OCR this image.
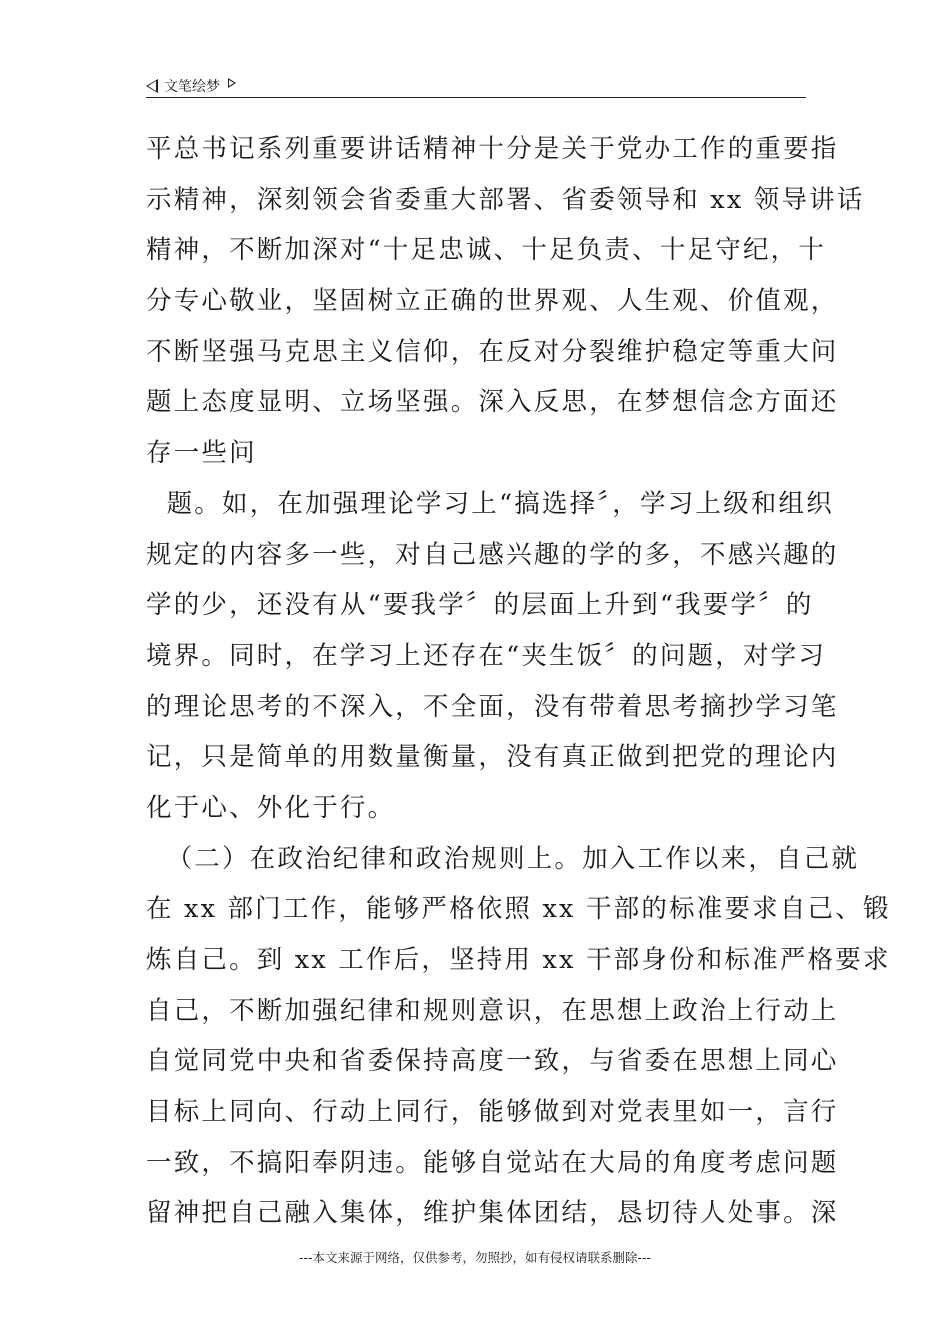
文笔绘梦
平总书记系列重要讲话精神十分是关于党办工作的重要指
示精神，深刻领会省委重大部署、省委领导和 xx 领导讲话
精神，不断加深对“十足忠诚、十足负责、十足守纪，十
分专心敬业，坚固树立正确的世界观、人生观、价值观，
不断坚强马克思主义信仰，在反对分裂维护稳定等重大问
题上态度显明、立场坚强。深入反思，在梦想信念方面还
存一些问
题。如，在加强理论学习上“搞选择〞，学习上级和组织
规定的内容多一些，对自己感兴趣的学的多，不感兴趣的
学的少，还没有从“要我学〞的层面上升到“我要学〞的
境界。同时，在学习上还存在“夹生饭〞的问题，对学习
的理论思考的不深入，不全面，没有带着思考摘抄学习笔
记，只是简单的用数量衡量，没有真正做到把党的理论内
化于心、外化于行。
（二）在政治纪律和政治规则上。加入工作以来，自己就
在 xx 部门工作，能够严格依照 xx 干部的标准要求自己、锻
炼自己。到 xx 工作后，坚持用 xx 干部身份和标准严格要求
自己，不断加强纪律和规则意识，在思想上政治上行动上
自觉同党中央和省委保持高度一致，与省委在思想上同心
目标上同向、行动上同行，能够做到对党表里如一，言行
一致，不搞阳奉阴违。能够自觉站在大局的角度考虑问题
留神把自己融入集体，维护集体团结，恳切待人处事。深
---本文来源于网络，仅供参考，勿照抄，如有侵权请联系删除---
